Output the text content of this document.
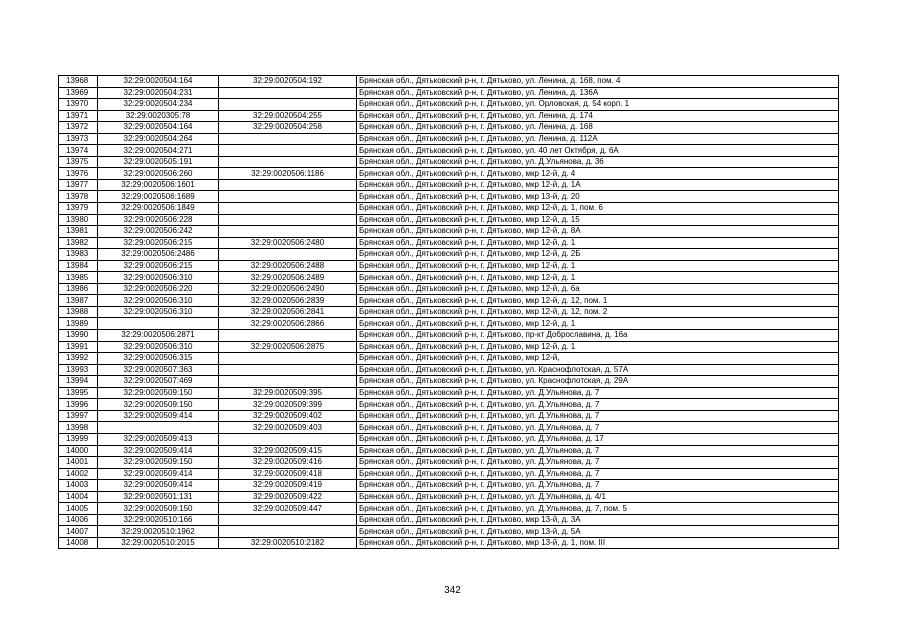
13968	32:29:0020504:164	32:29:0020504:192	Брянская обл., Дятьковский р-н, г. Дятьково, ул. Ленина, д. 168, пом. 4
13969	32:29:0020504:231		Брянская обл., Дятьковский р-н, г. Дятьково, ул. Ленина, д. 136А
13970	32:29:0020504:234		Брянская обл., Дятьковский р-н, г. Дятьково, ул. Орловская, д. 54 корп. 1
13971	32:29:0020305:78	32:29:0020504:255	Брянская обл., Дятьковский р-н, г. Дятьково, ул. Ленина, д. 174
13972	32:29:0020504:164	32:29:0020504:258	Брянская обл., Дятьковский р-н, г. Дятьково, ул. Ленина, д. 168
13973	32:29:0020504:264		Брянская обл., Дятьковский р-н, г. Дятьково, ул. Ленина, д. 112А
13974	32:29:0020504:271		Брянская обл., Дятьковский р-н, г. Дятьково, ул. 40 лет Октября, д. 6А
13975	32:29:0020505:191		Брянская обл., Дятьковский р-н, г. Дятьково, ул. Д.Ульянова, д. 36
13976	32:29:0020506:260	32:29:0020506:1186	Брянская обл., Дятьковский р-н, г. Дятьково, мкр 12-й, д. 4
13977	32:29:0020506:1601		Брянская обл., Дятьковский р-н, г. Дятьково, мкр 12-й, д. 1А
13978	32:29:0020506:1689		Брянская обл., Дятьковский р-н, г. Дятьково, мкр 13-й, д. 20
13979	32:29:0020506:1849		Брянская обл., Дятьковский р-н, г. Дятьково, мкр 12-й, д. 1, пом. 6
13980	32:29:0020506:228		Брянская обл., Дятьковский р-н, г. Дятьково, мкр 12-й, д. 15
13981	32:29:0020506:242		Брянская обл., Дятьковский р-н, г. Дятьково, мкр 12-й, д. 8А
13982	32:29:0020506:215	32:29:0020506:2480	Брянская обл., Дятьковский р-н, г. Дятьково, мкр 12-й, д. 1
13983	32:29:0020506:2486		Брянская обл., Дятьковский р-н, г. Дятьково, мкр 12-й, д. 2Б
13984	32:29:0020506:215	32:29:0020506:2488	Брянская обл., Дятьковский р-н, г. Дятьково, мкр 12-й, д. 1
13985	32:29:0020506:310	32:29:0020506:2489	Брянская обл., Дятьковский р-н, г. Дятьково, мкр 12-й, д. 1
13986	32:29:0020506:220	32:29:0020506:2490	Брянская обл., Дятьковский р-н, г. Дятьково, мкр 12-й, д. 6а
13987	32:29:0020506:310	32:29:0020506:2839	Брянская обл., Дятьковский р-н, г. Дятьково, мкр 12-й, д. 12, пом. 1
13988	32:29:0020506:310	32:29:0020506:2841	Брянская обл., Дятьковский р-н, г. Дятьково, мкр 12-й, д. 12, пом. 2
13989		32:29:0020506:2866	Брянская обл., Дятьковский р-н, г. Дятьково, мкр 12-й, д. 1
13990	32:29:0020506:2871		Брянская обл., Дятьковский р-н, г. Дятьково, пр-кт Доброславина, д. 16а
13991	32:29:0020506:310	32:29:0020506:2875	Брянская обл., Дятьковский р-н, г. Дятьково, мкр 12-й, д. 1
13992	32:29:0020506:315		Брянская обл., Дятьковский р-н, г. Дятьково, мкр 12-й,
13993	32:29:0020507:363		Брянская обл., Дятьковский р-н, г. Дятьково, ул. Краснофлотская, д. 57А
13994	32:29:0020507:469		Брянская обл., Дятьковский р-н, г. Дятьково, ул. Краснофлотская, д. 29А
13995	32:29:0020509:150	32:29:0020509:395	Брянская обл., Дятьковский р-н, г. Дятьково, ул. Д.Ульянова, д. 7
13996	32:29:0020509:150	32:29:0020509:399	Брянская обл., Дятьковский р-н, г. Дятьково, ул. Д.Ульянова, д. 7
13997	32:29:0020509:414	32:29:0020509:402	Брянская обл., Дятьковский р-н, г. Дятьково, ул. Д.Ульянова, д. 7
13998		32:29:0020509:403	Брянская обл., Дятьковский р-н, г. Дятьково, ул. Д.Ульянова, д. 7
13999	32:29:0020509:413		Брянская обл., Дятьковский р-н, г. Дятьково, ул. Д.Ульянова, д. 17
14000	32:29:0020509:414	32:29:0020509:415	Брянская обл., Дятьковский р-н, г. Дятьково, ул. Д.Ульянова, д. 7
14001	32:29:0020509:150	32:29:0020509:416	Брянская обл., Дятьковский р-н, г. Дятьково, ул. Д.Ульянова, д. 7
14002	32:29:0020509:414	32:29:0020509:418	Брянская обл., Дятьковский р-н, г. Дятьково, ул. Д.Ульянова, д. 7
14003	32:29:0020509:414	32:29:0020509:419	Брянская обл., Дятьковский р-н, г. Дятьково, ул. Д.Ульянова, д. 7
14004	32:29:0020501:131	32:29:0020509:422	Брянская обл., Дятьковский р-н, г. Дятьково, ул. Д.Ульянова, д. 4/1
14005	32:29:0020509:150	32:29:0020509:447	Брянская обл., Дятьковский р-н, г. Дятьково, ул. Д.Ульянова, д. 7, пом. 5
14006	32:29:0020510:166		Брянская обл., Дятьковский р-н, г. Дятьково, мкр 13-й, д. 3А
14007	32:29:0020510:1962		Брянская обл., Дятьковский р-н, г. Дятьково, мкр 13-й, д. 5А
14008	32:29:0020510:2015	32:29:0020510:2182	Брянская обл., Дятьковский р-н, г. Дятьково, мкр 13-й, д. 1, пом. III
342
